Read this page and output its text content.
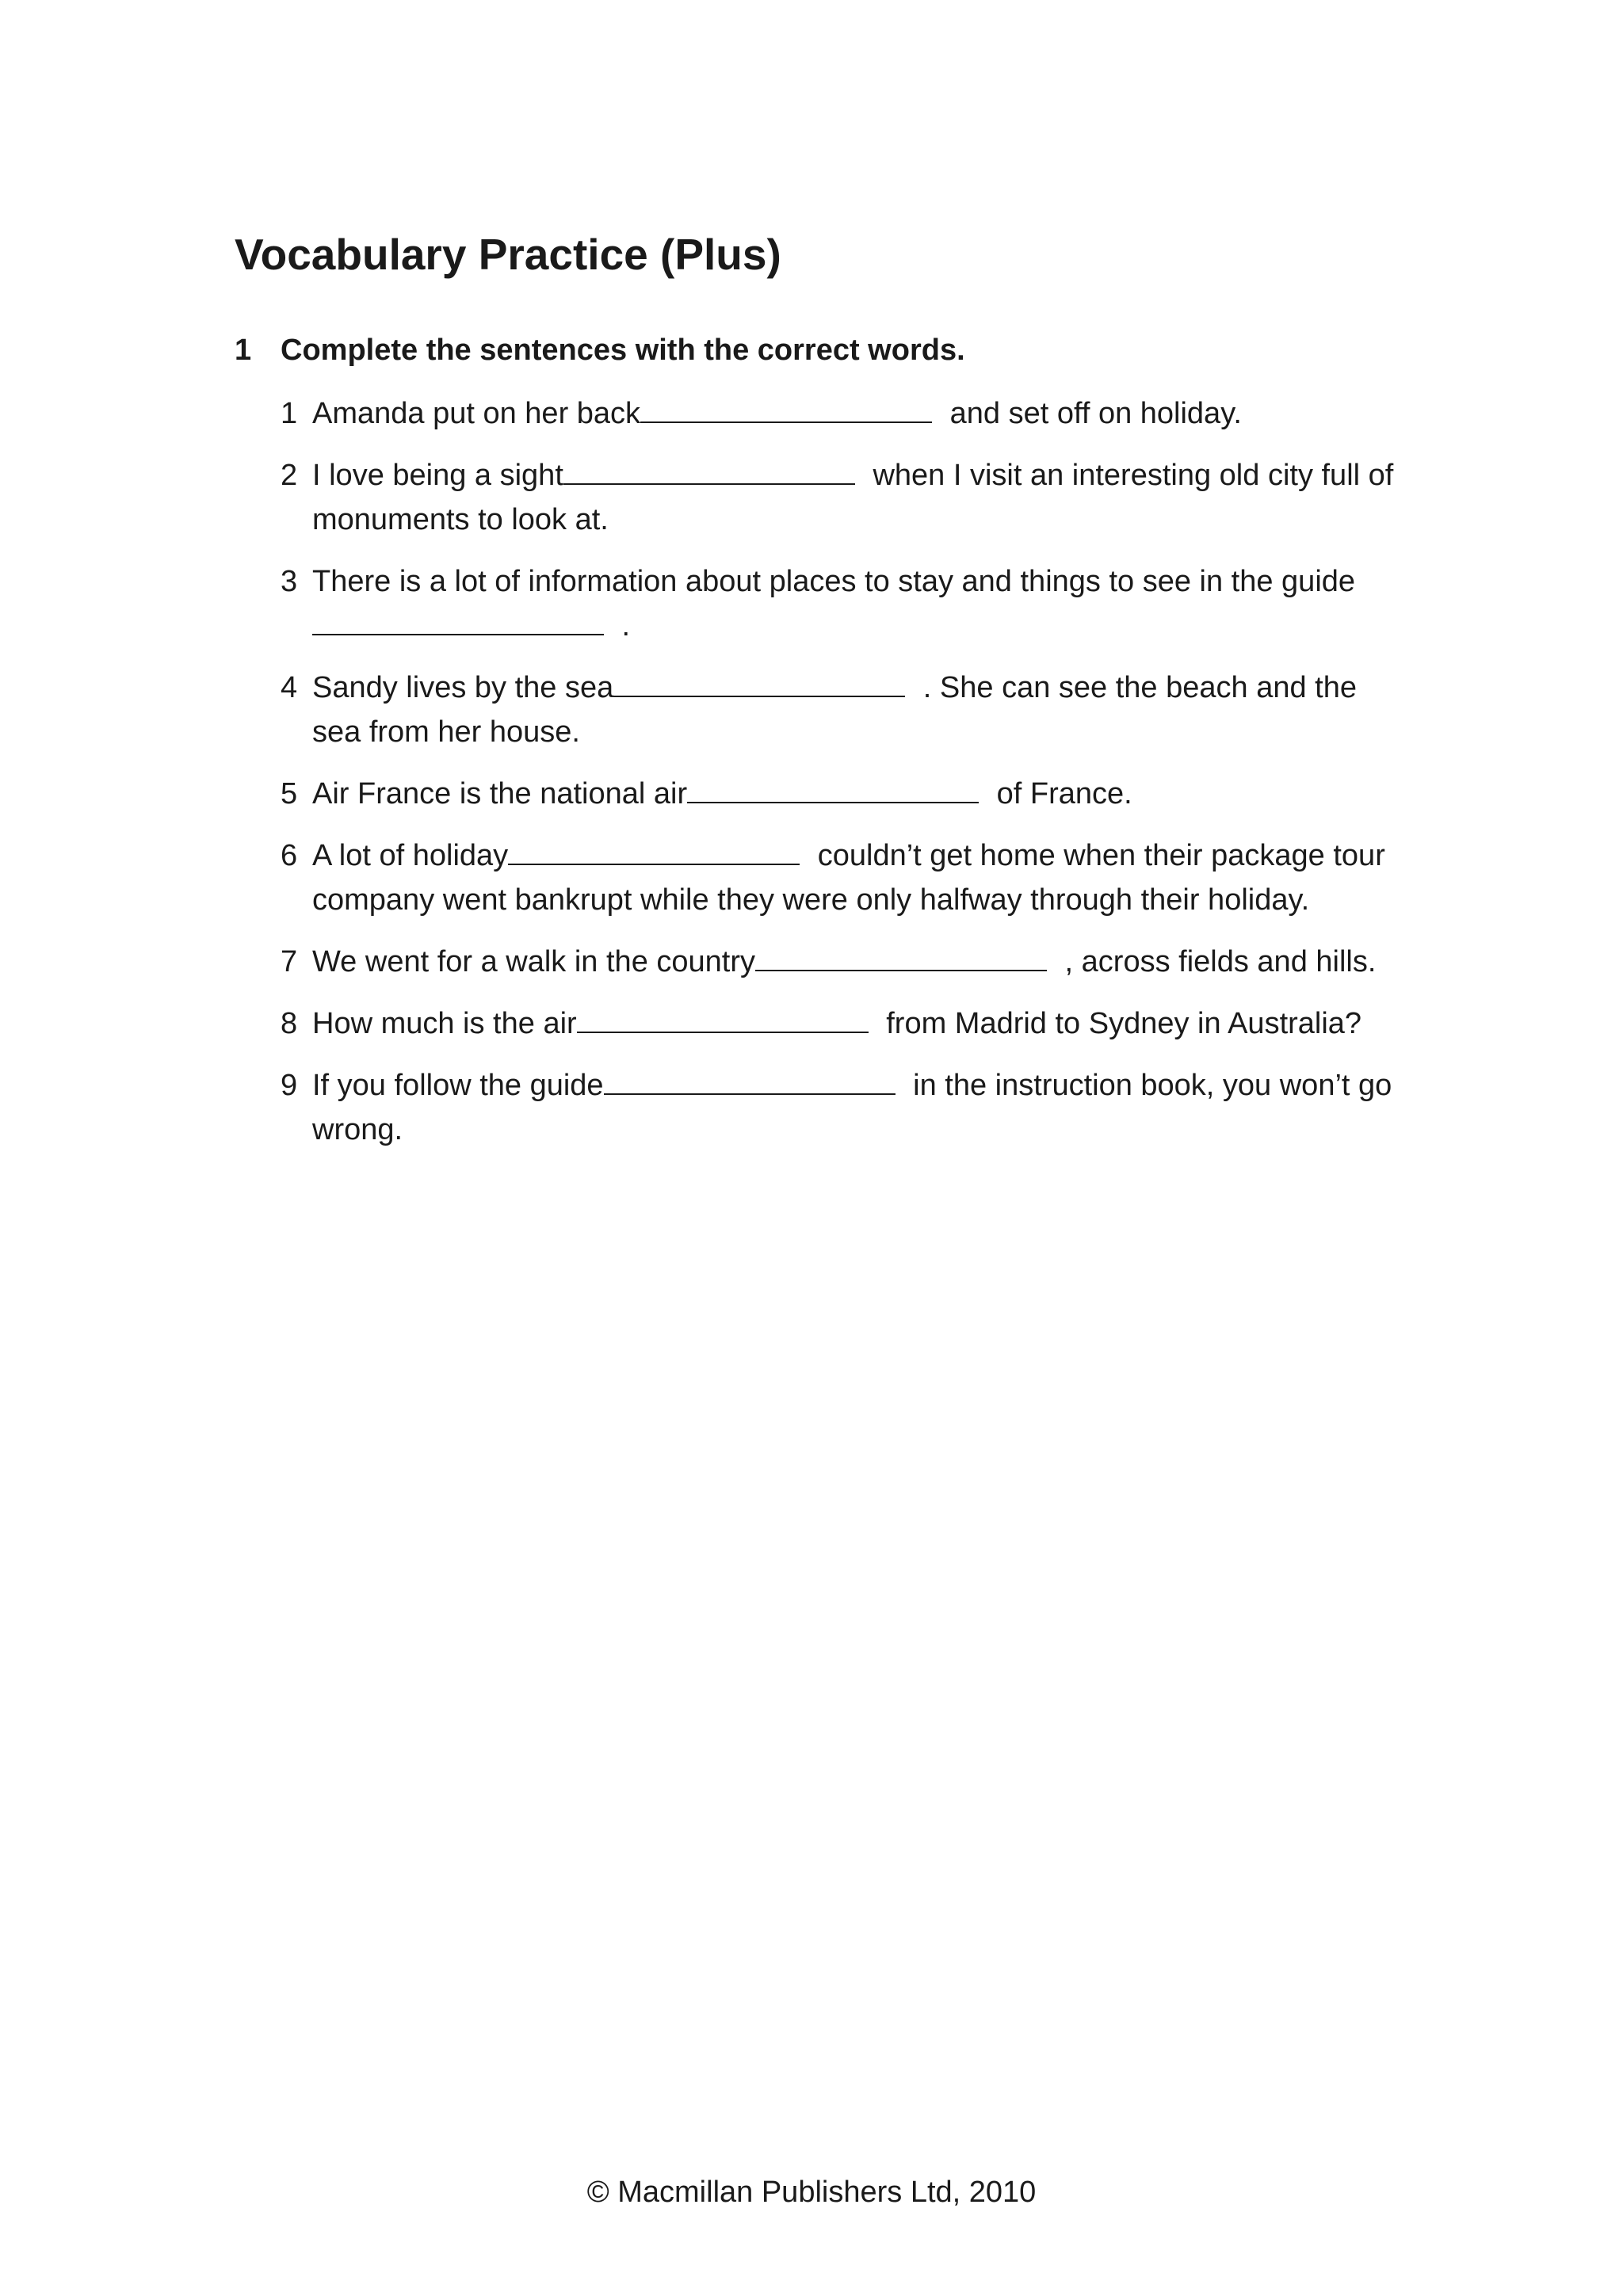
Vocabulary Practice (Plus)
1 Complete the sentences with the correct words.
1 Amanda put on her back	and set off on holiday.
2 I love being a sight	when I visit an interesting old city full of monuments to look at.
3 There is a lot of information about places to stay and things to see in the guide .
4 Sandy lives by the sea	. She can see the beach and the sea from her house.
5 Air France is the national air	of France.
6 A lot of holiday	couldn’t get home when their package tour company went bankrupt while they were only halfway through their holiday.
7 We went for a walk in the country	, across fields and hills.
8 How much is the air	from Madrid to Sydney in Australia?
9 If you follow the guide	in the instruction book, you won’t go wrong.
© Macmillan Publishers Ltd, 2010
